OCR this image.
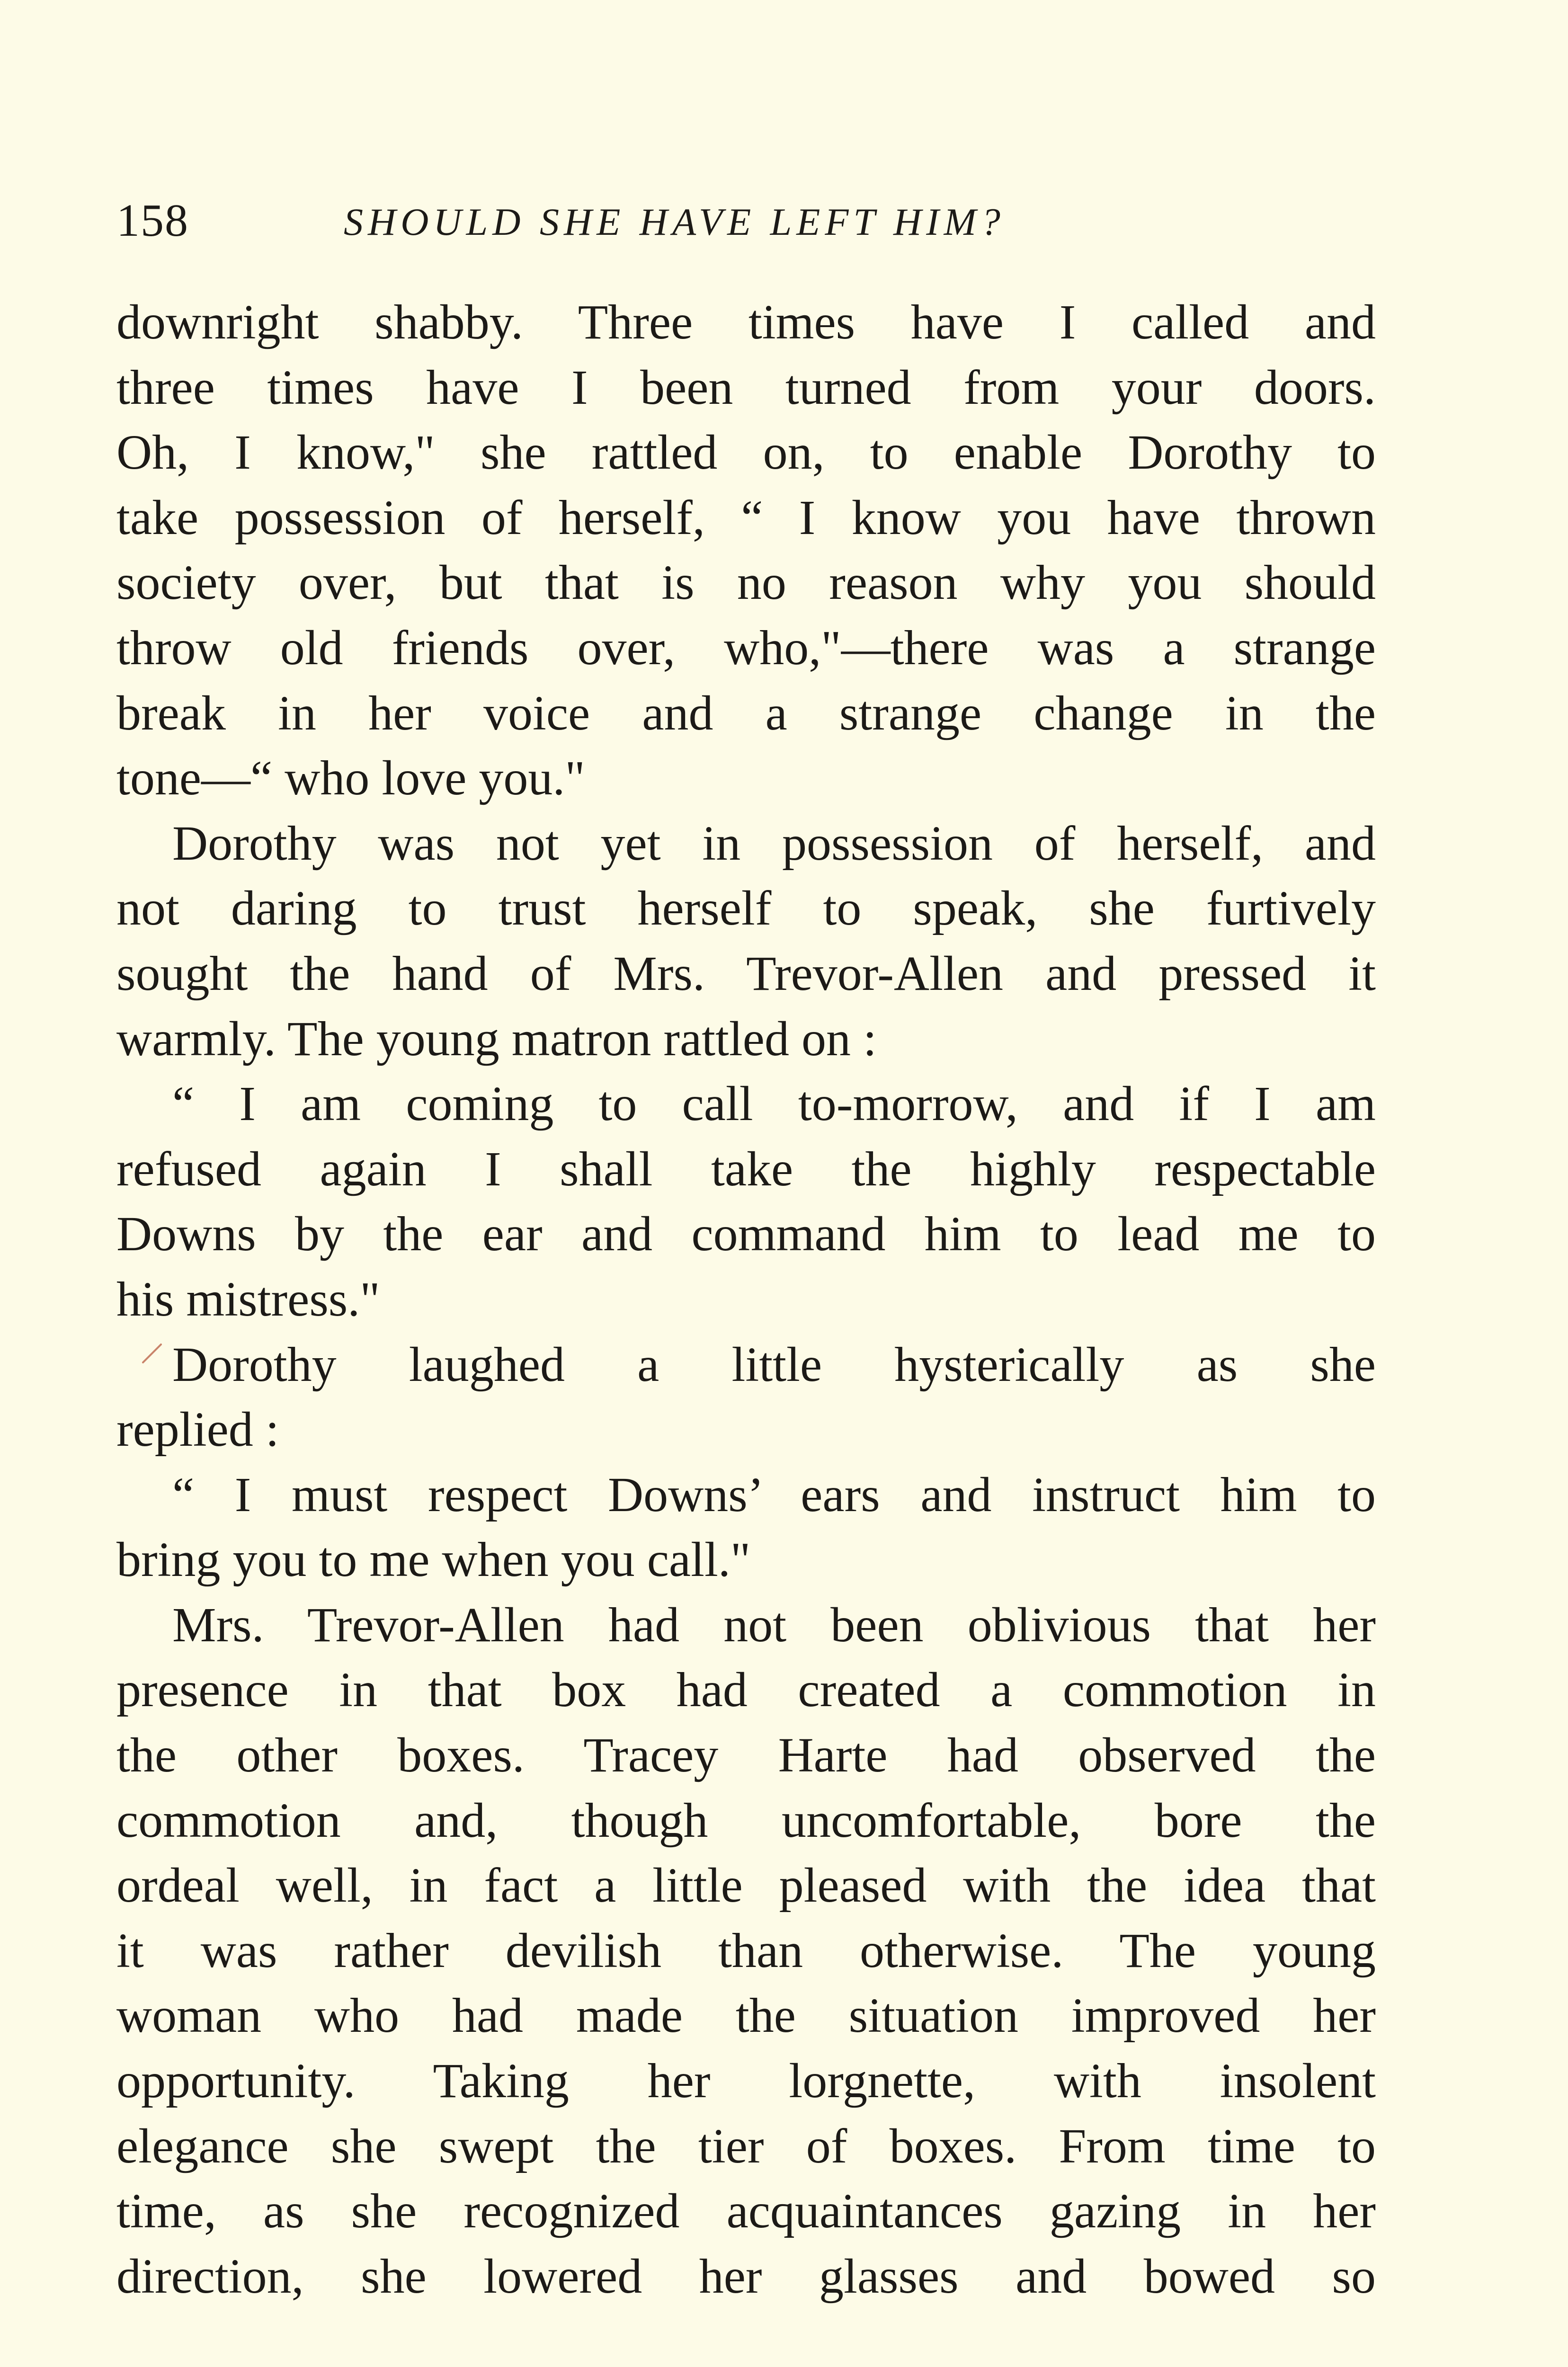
158	SHOULD SHE HAVE LEFT HIM?
downright shabby. Three times have I called and
three times have I been turned from your doors.
Oh, I know," she rattled on, to enable Dorothy to
take possession of herself, “ I know you have thrown
society over, but that is no reason why you should
throw old friends over, who,"—there was a strange
break in her voice and a strange change in the
tone—“ who love you."
Dorothy was not yet in possession of herself, and
not daring to trust herself to speak, she furtively
sought the hand of Mrs. Trevor-Allen and pressed it
warmly. The young matron rattled on :
“ I am coming to call to-morrow, and if I am
refused again I shall take the highly respectable
Downs by the ear and command him to lead me to
his mistress."
Dorothy laughed a little hysterically as she
replied :
“ I must respect Downs’ ears and instruct him to
bring you to me when you call."
Mrs. Trevor-Allen had not been oblivious that her
presence in that box had created a commotion in
the other boxes. Tracey Harte had observed the
commotion and, though uncomfortable, bore the
ordeal well, in fact a little pleased with the idea that
it was rather devilish than otherwise. The young
woman who had made the situation improved her
opportunity. Taking her lorgnette, with insolent
elegance she swept the tier of boxes. From time to
time, as she recognized acquaintances gazing in her
direction, she lowered her glasses and bowed so
